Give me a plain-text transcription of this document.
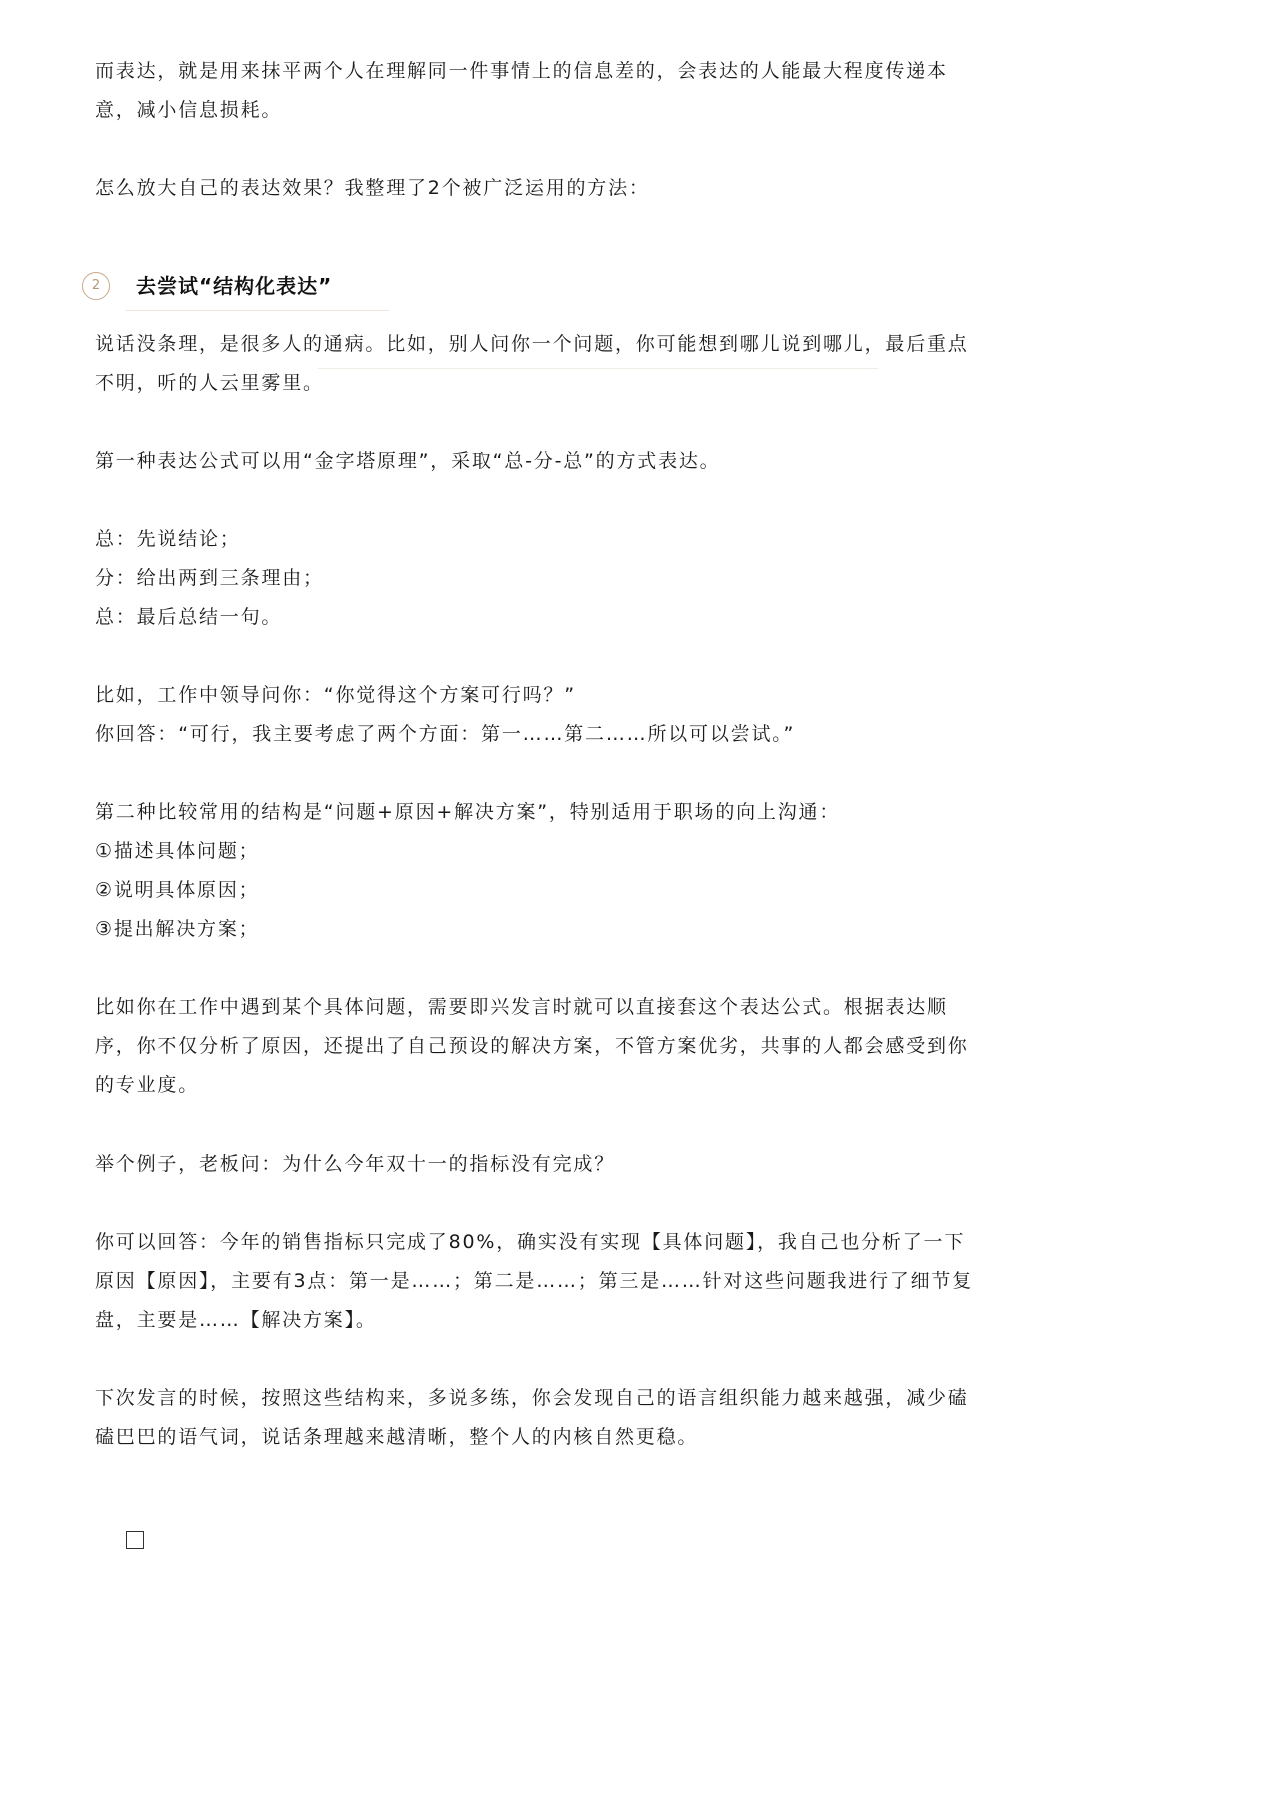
而表达，就是用来抹平两个人在理解同一件事情上的信息差的，会表达的人能最大程度传递本
意，减小信息损耗。

怎么放大自己的表达效果？我整理了2个被广泛运用的方法：

2	去尝试“结构化表达”

说话没条理，是很多人的通病。比如，别人问你一个问题，你可能想到哪儿说到哪儿，最后重点
不明，听的人云里雾里。

第一种表达公式可以用“金字塔原理”，采取“总-分-总”的方式表达。

总：先说结论；
分：给出两到三条理由；
总：最后总结一句。

比如，工作中领导问你：“你觉得这个方案可行吗？”
你回答：“可行，我主要考虑了两个方面：第一……第二……所以可以尝试。”

第二种比较常用的结构是“问题+原因+解决方案”，特别适用于职场的向上沟通：
①描述具体问题；
②说明具体原因；
③提出解决方案；

比如你在工作中遇到某个具体问题，需要即兴发言时就可以直接套这个表达公式。根据表达顺
序，你不仅分析了原因，还提出了自己预设的解决方案，不管方案优劣，共事的人都会感受到你
的专业度。

举个例子，老板问：为什么今年双十一的指标没有完成？

你可以回答：今年的销售指标只完成了80%，确实没有实现【具体问题】，我自己也分析了一下
原因【原因】，主要有3点：第一是……；第二是……；第三是……针对这些问题我进行了细节复
盘，主要是……【解决方案】。

下次发言的时候，按照这些结构来，多说多练，你会发现自己的语言组织能力越来越强，减少磕
磕巴巴的语气词，说话条理越来越清晰，整个人的内核自然更稳。
